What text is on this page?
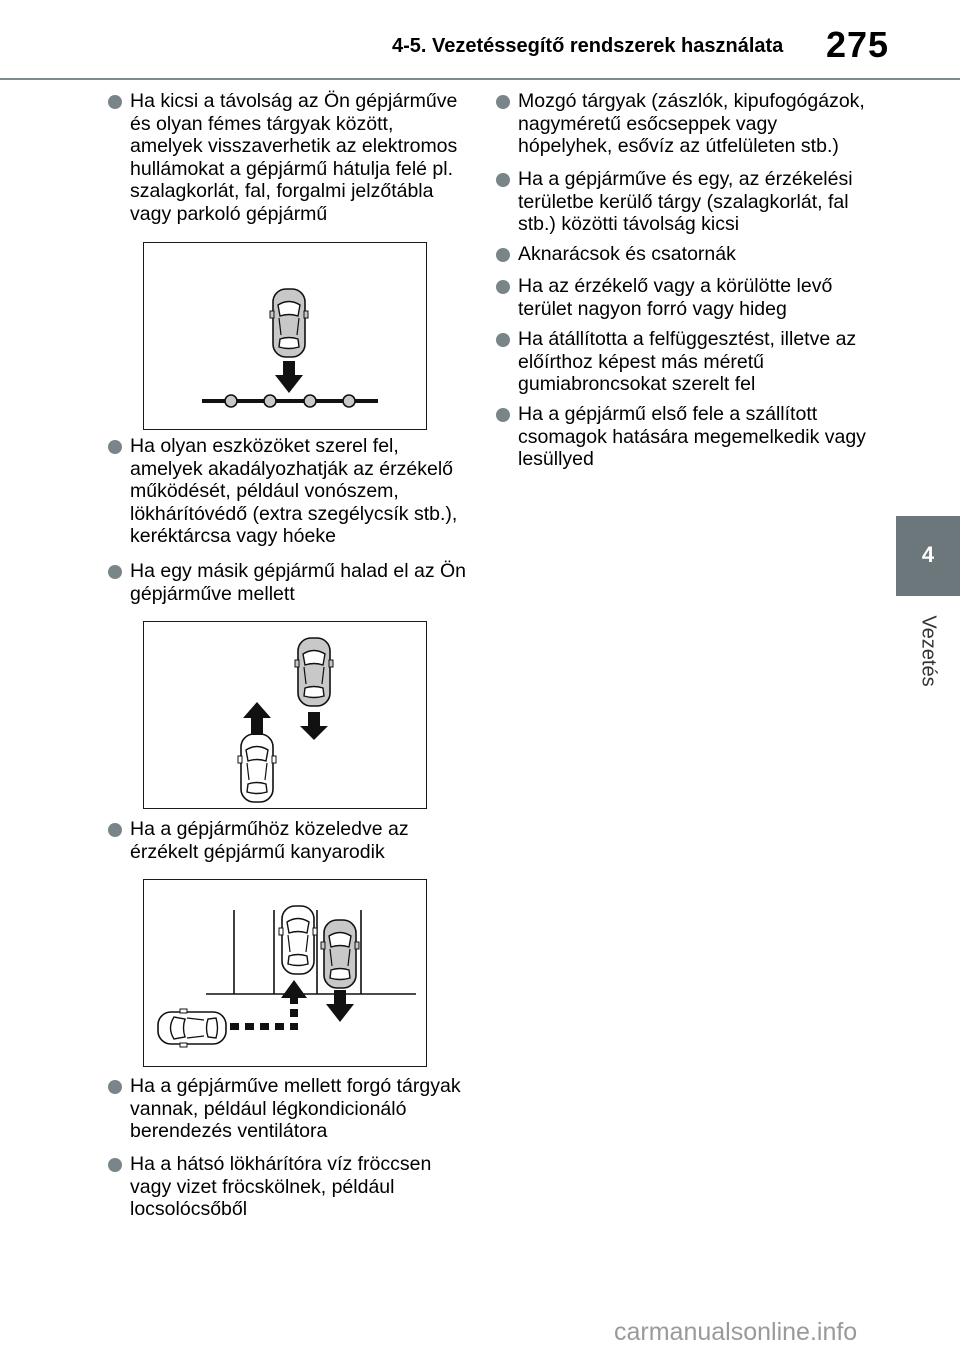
4-5. Vezetéssegítő rendszerek használata 275
4
Vezetés
Ha kicsi a távolság az Ön gépjárműve és olyan fémes tárgyak között, amelyek visszaverhetik az elektromos hullámokat a gépjármű hátulja felé pl. szalagkorlát, fal, forgalmi jelzőtábla vagy parkoló gépjármű
Ha olyan eszközöket szerel fel, amelyek akadályozhatják az érzékelő működését, például vonószem, lökhárítóvédő (extra szegélycsík stb.), keréktárcsa vagy hóeke
Ha egy másik gépjármű halad el az Ön gépjárműve mellett
Ha a gépjárműhöz közeledve az érzékelt gépjármű kanyarodik
Ha a gépjárműve mellett forgó tárgyak vannak, például légkondicionáló berendezés ventilátora
Ha a hátsó lökhárítóra víz fröccsen vagy vizet fröcskölnek, például locsolócsőből
Mozgó tárgyak (zászlók, kipufogógázok, nagyméretű esőcseppek vagy hópelyhek, esővíz az útfelületen stb.)
Ha a gépjárműve és egy, az érzékelési területbe kerülő tárgy (szalagkorlát, fal stb.) közötti távolság kicsi
Aknarácsok és csatornák
Ha az érzékelő vagy a körülötte levő terület nagyon forró vagy hideg
Ha átállította a felfüggesztést, illetve az előírthoz képest más méretű gumiabroncsokat szerelt fel
Ha a gépjármű első fele a szállított csomagok hatására megemelkedik vagy lesüllyed
carmanualsonline.info
